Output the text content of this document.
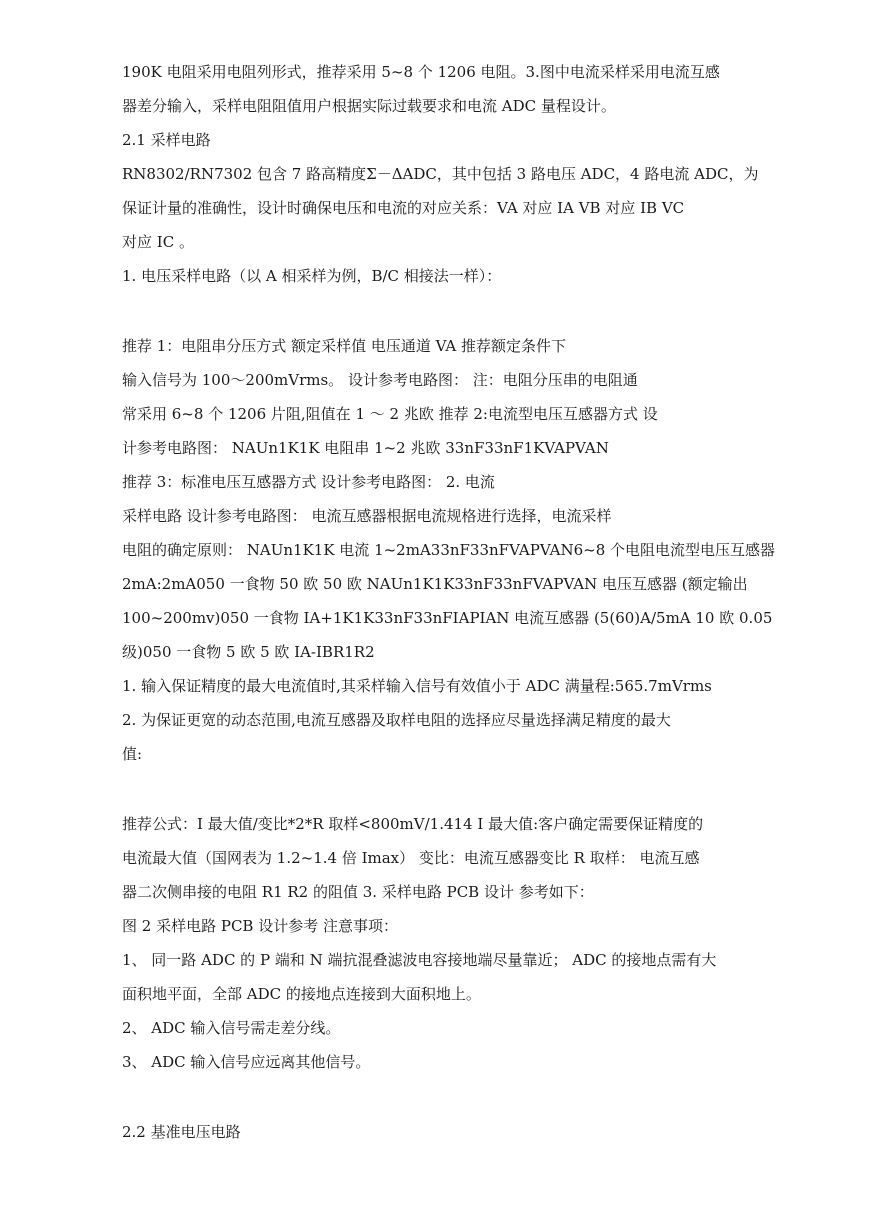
190K 电阻采用电阻列形式，推荐采用 5~8 个 1206 电阻。3.图中电流采样采用电流互感

器差分输入，采样电阻阻值用户根据实际过载要求和电流 ADC 量程设计。

2.1 采样电路

RN8302/RN7302 包含 7 路高精度Σ－ΔADC，其中包括 3 路电压 ADC，4 路电流 ADC，为

保证计量的准确性，设计时确保电压和电流的对应关系：VA 对应 IA VB 对应 IB VC

对应 IC 。

1. 电压采样电路（以 A 相采样为例，B/C 相接法一样）：

推荐 1：电阻串分压方式 额定采样值 电压通道 VA 推荐额定条件下

输入信号为 100～200mVrms。 设计参考电路图： 注：电阻分压串的电阻通

常采用 6~8 个 1206 片阻,阻值在 1 ～ 2 兆欧 推荐 2:电流型电压互感器方式 设

计参考电路图： NAUn1K1K 电阻串 1~2 兆欧 33nF33nF1KVAPVAN

推荐 3：标准电压互感器方式 设计参考电路图： 2. 电流

采样电路 设计参考电路图： 电流互感器根据电流规格进行选择，电流采样

电阻的确定原则： NAUn1K1K 电流 1~2mA33nF33nFVAPVAN6~8 个电阻电流型电压互感器

2mA:2mA050 一食物 50 欧 50 欧 NAUn1K1K33nF33nFVAPVAN 电压互感器 (额定输出

100~200mv)050 一食物 IA+1K1K33nF33nFIAPIAN 电流互感器 (5(60)A/5mA 10 欧 0.05

级)050 一食物 5 欧 5 欧 IA-IBR1R2

1. 输入保证精度的最大电流值时,其采样输入信号有效值小于 ADC 满量程:565.7mVrms

2. 为保证更宽的动态范围,电流互感器及取样电阻的选择应尽量选择满足精度的最大

值:

推荐公式：I 最大值/变比*2*R 取样<800mV/1.414 I 最大值:客户确定需要保证精度的

电流最大值（国网表为 1.2~1.4 倍 Imax） 变比：电流互感器变比 R 取样： 电流互感

器二次侧串接的电阻 R1 R2 的阻值 3. 采样电路 PCB 设计 参考如下：

图 2 采样电路 PCB 设计参考 注意事项：

1、 同一路 ADC 的 P 端和 N 端抗混叠滤波电容接地端尽量靠近； ADC 的接地点需有大

面积地平面，全部 ADC 的接地点连接到大面积地上。

2、 ADC 输入信号需走差分线。

3、 ADC 输入信号应远离其他信号。

2.2 基准电压电路
